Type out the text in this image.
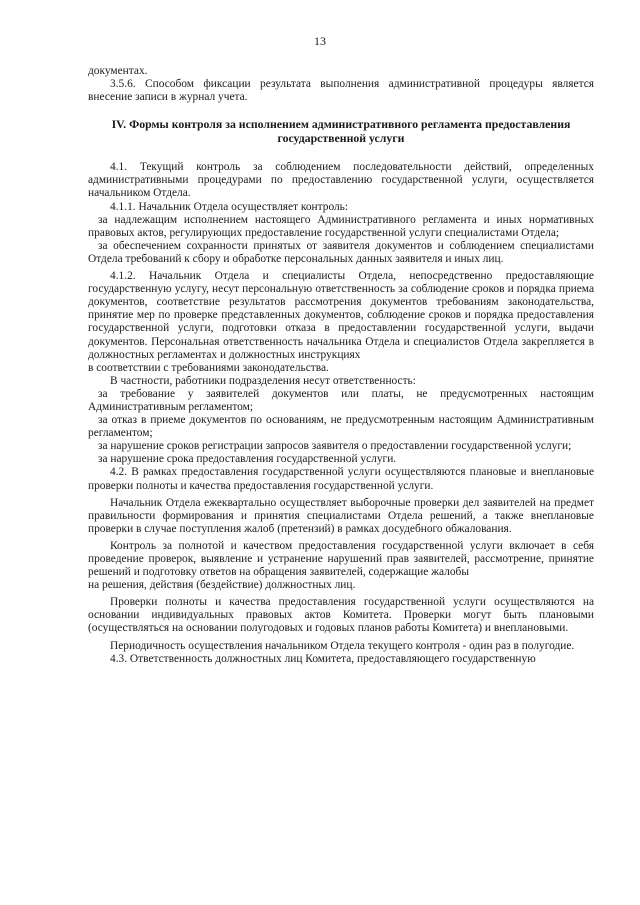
13

документах.

3.5.6. Способом фиксации результата выполнения административной процедуры является внесение записи в журнал учета.

IV. Формы контроля за исполнением административного регламента предоставления государственной услуги

4.1. Текущий контроль за соблюдением последовательности действий, определенных административными процедурами по предоставлению государственной услуги, осуществляется начальником Отдела.

4.1.1. Начальник Отдела осуществляет контроль:

за надлежащим исполнением настоящего Административного регламента и иных нормативных правовых актов, регулирующих предоставление государственной услуги специалистами Отдела;

за обеспечением сохранности принятых от заявителя документов и соблюдением специалистами Отдела требований к сбору и обработке персональных данных заявителя и иных лиц.

4.1.2. Начальник Отдела и специалисты Отдела, непосредственно предоставляющие государственную услугу, несут персональную ответственность за соблюдение сроков и порядка приема документов, соответствие результатов рассмотрения документов требованиям законодательства, принятие мер по проверке представленных документов, соблюдение сроков и порядка предоставления государственной услуги, подготовки отказа в предоставлении государственной услуги, выдачи документов. Персональная ответственность начальника Отдела и специалистов Отдела закрепляется в должностных регламентах и должностных инструкциях

в соответствии с требованиями законодательства.

В частности, работники подразделения несут ответственность:

за требование у заявителей документов или платы, не предусмотренных настоящим Административным регламентом;

за отказ в приеме документов по основаниям, не предусмотренным настоящим Административным регламентом;

за нарушение сроков регистрации запросов заявителя о предоставлении государственной услуги;

за нарушение срока предоставления государственной услуги.

4.2. В рамках предоставления государственной услуги осуществляются плановые и внеплановые проверки полноты и качества предоставления государственной услуги.

Начальник Отдела ежеквартально осуществляет выборочные проверки дел заявителей на предмет правильности формирования и принятия специалистами Отдела решений, а также внеплановые проверки в случае поступления жалоб (претензий) в рамках досудебного обжалования.

Контроль за полнотой и качеством предоставления государственной услуги включает в себя проведение проверок, выявление и устранение нарушений прав заявителей, рассмотрение, принятие решений и подготовку ответов на обращения заявителей, содержащие жалобы

на решения, действия (бездействие) должностных лиц.

Проверки полноты и качества предоставления государственной услуги осуществляются на основании индивидуальных правовых актов Комитета. Проверки могут быть плановыми (осуществляться на основании полугодовых и годовых планов работы Комитета) и внеплановыми.

Периодичность осуществления начальником Отдела текущего контроля - один раз в полугодие.

4.3. Ответственность должностных лиц Комитета, предоставляющего государственную
